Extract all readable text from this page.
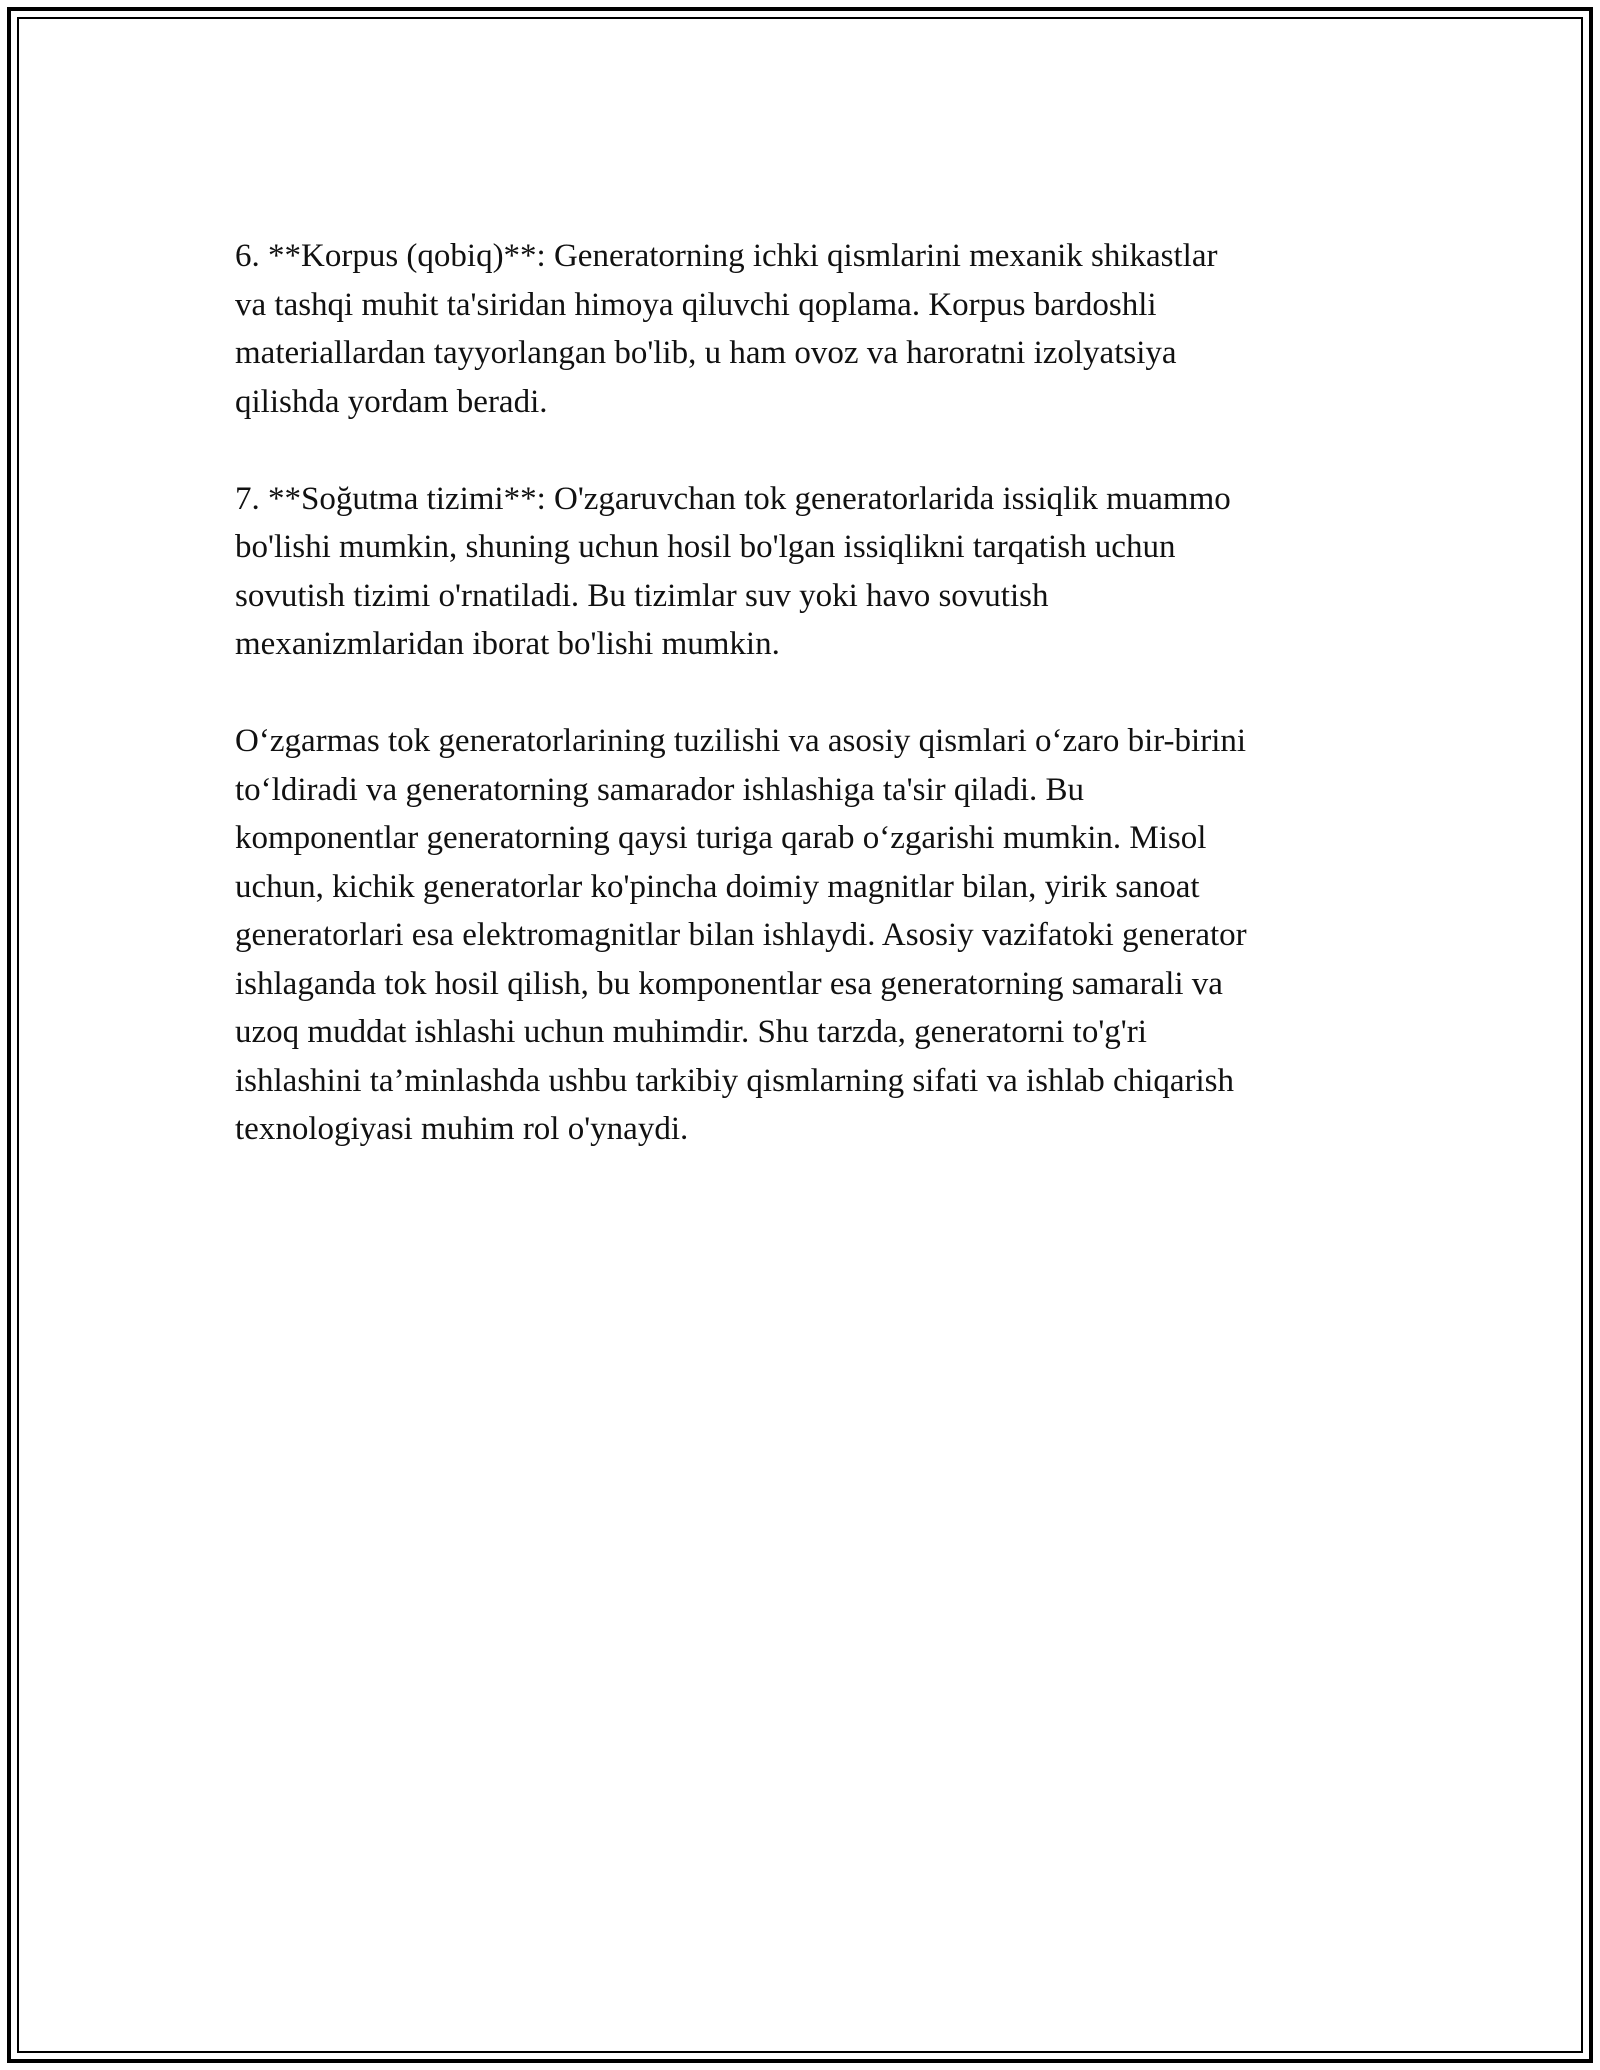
6. **Korpus (qobiq)**: Generatorning ichki qismlarini mexanik shikastlar
va tashqi muhit ta'siridan himoya qiluvchi qoplama. Korpus bardoshli
materiallardan tayyorlangan bo'lib, u ham ovoz va haroratni izolyatsiya
qilishda yordam beradi.

7. **Soğutma tizimi**: O'zgaruvchan tok generatorlarida issiqlik muammo
bo'lishi mumkin, shuning uchun hosil bo'lgan issiqlikni tarqatish uchun
sovutish tizimi o'rnatiladi. Bu tizimlar suv yoki havo sovutish
mexanizmlaridan iborat bo'lishi mumkin.

O‘zgarmas tok generatorlarining tuzilishi va asosiy qismlari o‘zaro bir-birini
to‘ldiradi va generatorning samarador ishlashiga ta'sir qiladi. Bu
komponentlar generatorning qaysi turiga qarab o‘zgarishi mumkin. Misol
uchun, kichik generatorlar ko'pincha doimiy magnitlar bilan, yirik sanoat
generatorlari esa elektromagnitlar bilan ishlaydi. Asosiy vazifatoki generator
ishlaganda tok hosil qilish, bu komponentlar esa generatorning samarali va
uzoq muddat ishlashi uchun muhimdir. Shu tarzda, generatorni to'g'ri
ishlashini ta’minlashda ushbu tarkibiy qismlarning sifati va ishlab chiqarish
texnologiyasi muhim rol o'ynaydi.
